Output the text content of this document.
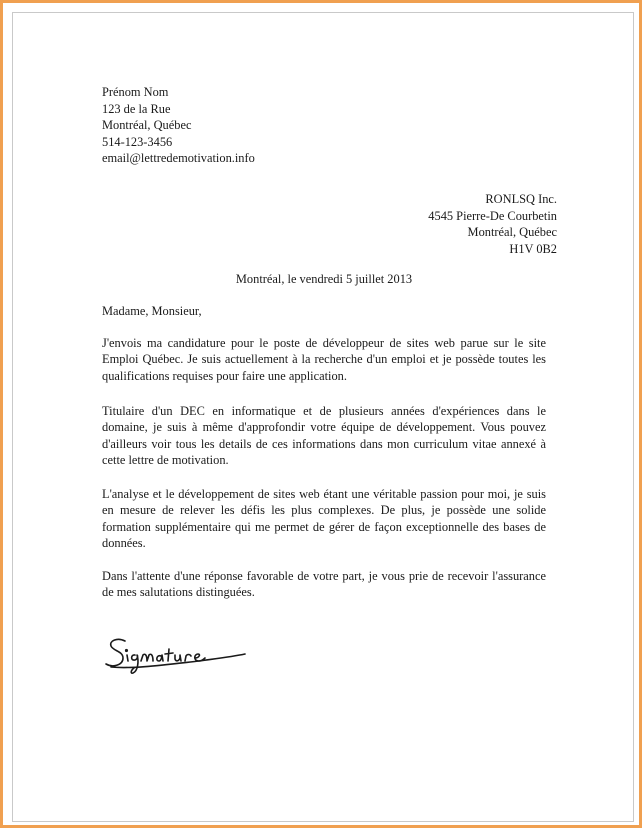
Prénom Nom
123 de la Rue
Montréal, Québec
514-123-3456
email@lettredemotivation.info
RONLSQ Inc.
4545 Pierre-De Courbetin
Montréal, Québec
H1V 0B2
Montréal, le vendredi 5 juillet 2013
Madame, Monsieur,
J'envois ma candidature pour le poste de développeur de sites web parue sur le site Emploi Québec. Je suis actuellement à la recherche d'un emploi et je possède toutes les qualifications requises pour faire une application.
Titulaire d'un DEC en informatique et de plusieurs années d'expériences dans le domaine, je suis à même d'approfondir votre équipe de développement. Vous pouvez d'ailleurs voir tous les details de ces informations dans mon curriculum vitae annexé à cette lettre de motivation.
L'analyse et le développement de sites web étant une véritable passion pour moi, je suis en mesure de relever les défis les plus complexes. De plus, je possède une solide formation supplémentaire qui me permet de gérer de façon exceptionnelle des bases de données.
Dans l'attente d'une réponse favorable de votre part, je vous prie de recevoir l'assurance de mes salutations distinguées.
